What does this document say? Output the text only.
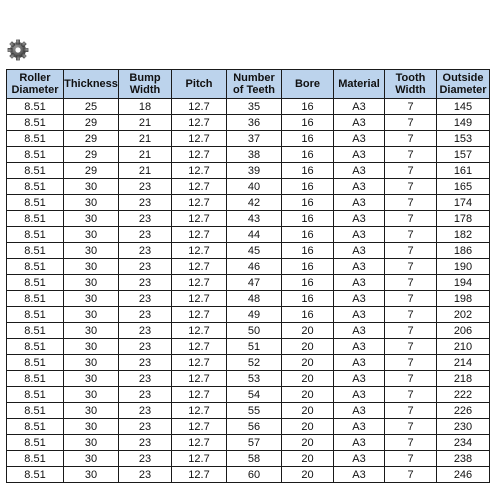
Roller Diameter	Thickness	Bump Width	Pitch	Number of Teeth	Bore	Material	Tooth Width	Outside Diameter
8.51	25	18	12.7	35	16	A3	7	145
8.51	29	21	12.7	36	16	A3	7	149
8.51	29	21	12.7	37	16	A3	7	153
8.51	29	21	12.7	38	16	A3	7	157
8.51	29	21	12.7	39	16	A3	7	161
8.51	30	23	12.7	40	16	A3	7	165
8.51	30	23	12.7	42	16	A3	7	174
8.51	30	23	12.7	43	16	A3	7	178
8.51	30	23	12.7	44	16	A3	7	182
8.51	30	23	12.7	45	16	A3	7	186
8.51	30	23	12.7	46	16	A3	7	190
8.51	30	23	12.7	47	16	A3	7	194
8.51	30	23	12.7	48	16	A3	7	198
8.51	30	23	12.7	49	16	A3	7	202
8.51	30	23	12.7	50	20	A3	7	206
8.51	30	23	12.7	51	20	A3	7	210
8.51	30	23	12.7	52	20	A3	7	214
8.51	30	23	12.7	53	20	A3	7	218
8.51	30	23	12.7	54	20	A3	7	222
8.51	30	23	12.7	55	20	A3	7	226
8.51	30	23	12.7	56	20	A3	7	230
8.51	30	23	12.7	57	20	A3	7	234
8.51	30	23	12.7	58	20	A3	7	238
8.51	30	23	12.7	60	20	A3	7	246
